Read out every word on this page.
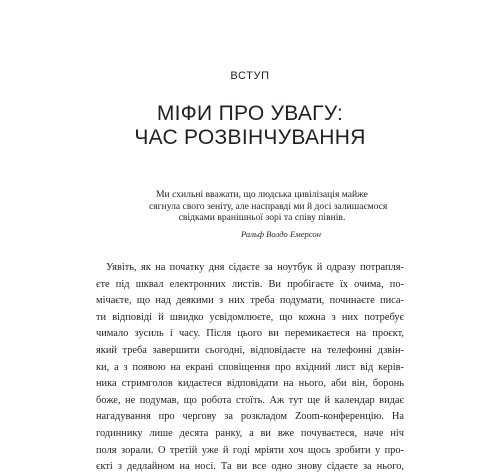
ВСТУП
МІФИ ПРО УВАГУ:
ЧАС РОЗВІНЧУВАННЯ
Ми схильні вважати, що людська цивілізація майже
сягнула свого зеніту, але насправді ми й досі залишаємося
свідками вранішньої зорі та співу півнів.
Ральф Волдо Емерсон
Уявіть, як на початку дня сідаєте за ноутбук й одразу потрапля-
єте під шквал електронних листів. Ви пробігаєте їх очима, по-
мічаєте, що над деякими з них треба подумати, починаєте писа-
ти відповіді й швидко усвідомлюєте, що кожна з них потребує
чимало зусиль і часу. Після цього ви перемикаєтеся на проєкт,
який треба завершити сьогодні, відповідаєте на телефонні дзвін-
ки, а з появою на екрані сповіщення про вхідний лист від керів-
ника стримголов кидаєтеся відповідати на нього, аби він, боронь
боже, не подумав, що робота стоїть. Аж тут ще й календар видає
нагадування про чергову за розкладом Zoom-конференцію. На
годиннику лише десята ранку, а ви вже почуваєтеся, наче ніч
поля зорали. О третій уже й годі мріяти хоч щось зробити у про-
єкті з дедлайном на носі. Та ви все одно знову сідаєте за нього,
